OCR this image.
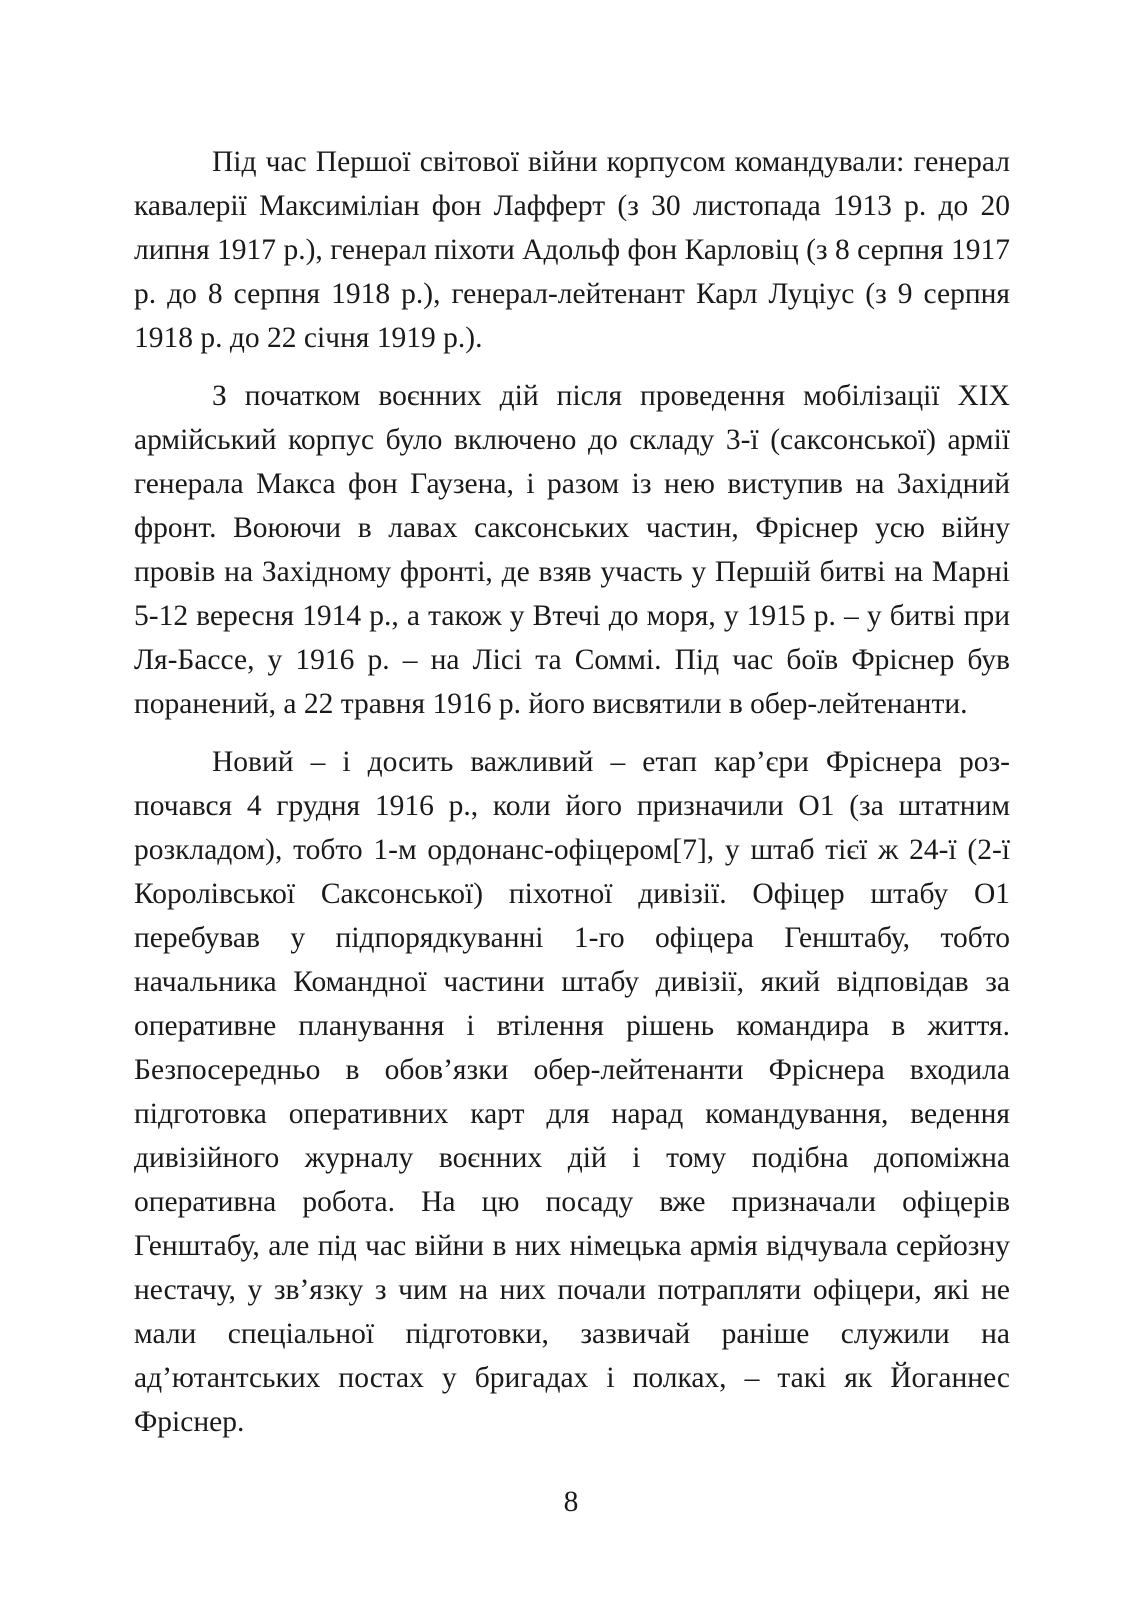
Під час Першої світової війни корпусом командували: генерал кавалерії Максиміліан фон Лафферт (з 30 листопада 1913 р. до 20 липня 1917 р.), генерал піхоти Адольф фон Карловіц (з 8 серпня 1917 р. до 8 серпня 1918 р.), генерал-лейтенант Карл Луціус (з 9 серпня 1918 р. до 22 січня 1919 р.).

З початком воєнних дій після проведення мобілізації XIX армійський корпус було включено до складу 3-ї (саксонської) армії генерала Макса фон Гаузена, і разом із нею виступив на Західний фронт. Воюючи в лавах саксонських частин, Фріснер усю війну провів на Західному фронті, де взяв участь у Першій битві на Марні 5-12 вересня 1914 р., а також у Втечі до моря, у 1915 р. – у битві при Ля-Бассе, у 1916 р. – на Лісі та Соммі. Під час боїв Фріснер був поранений, а 22 травня 1916 р. його висвятили в обер-лейтенанти.

Новий – і досить важливий – етап кар’єри Фріснера розпочався 4 грудня 1916 р., коли його призначили O1 (за штатним розкладом), тобто 1-м ордонанс-офіцером[7], у штаб тієї ж 24-ї (2-ї Королівської Саксонської) піхотної дивізії. Офіцер штабу O1 перебував у підпорядкуванні 1-го офіцера Генштабу, тобто начальника Командної частини штабу дивізії, який відповідав за оперативне планування і втілення рішень командира в життя. Безпосередньо в обов’язки обер-лейтенанти Фріснера входила підготовка оперативних карт для нарад командування, ведення дивізійного журналу воєнних дій і тому подібна допоміжна оперативна робота. На цю посаду вже призначали офіцерів Генштабу, але під час війни в них німецька армія відчувала серйозну нестачу, у зв’язку з чим на них почали потрапляти офіцери, які не мали спеціальної підготовки, зазвичай раніше служили на ад’ютантських постах у бригадах і полках, – такі як Йоганнес Фріснер.

8
